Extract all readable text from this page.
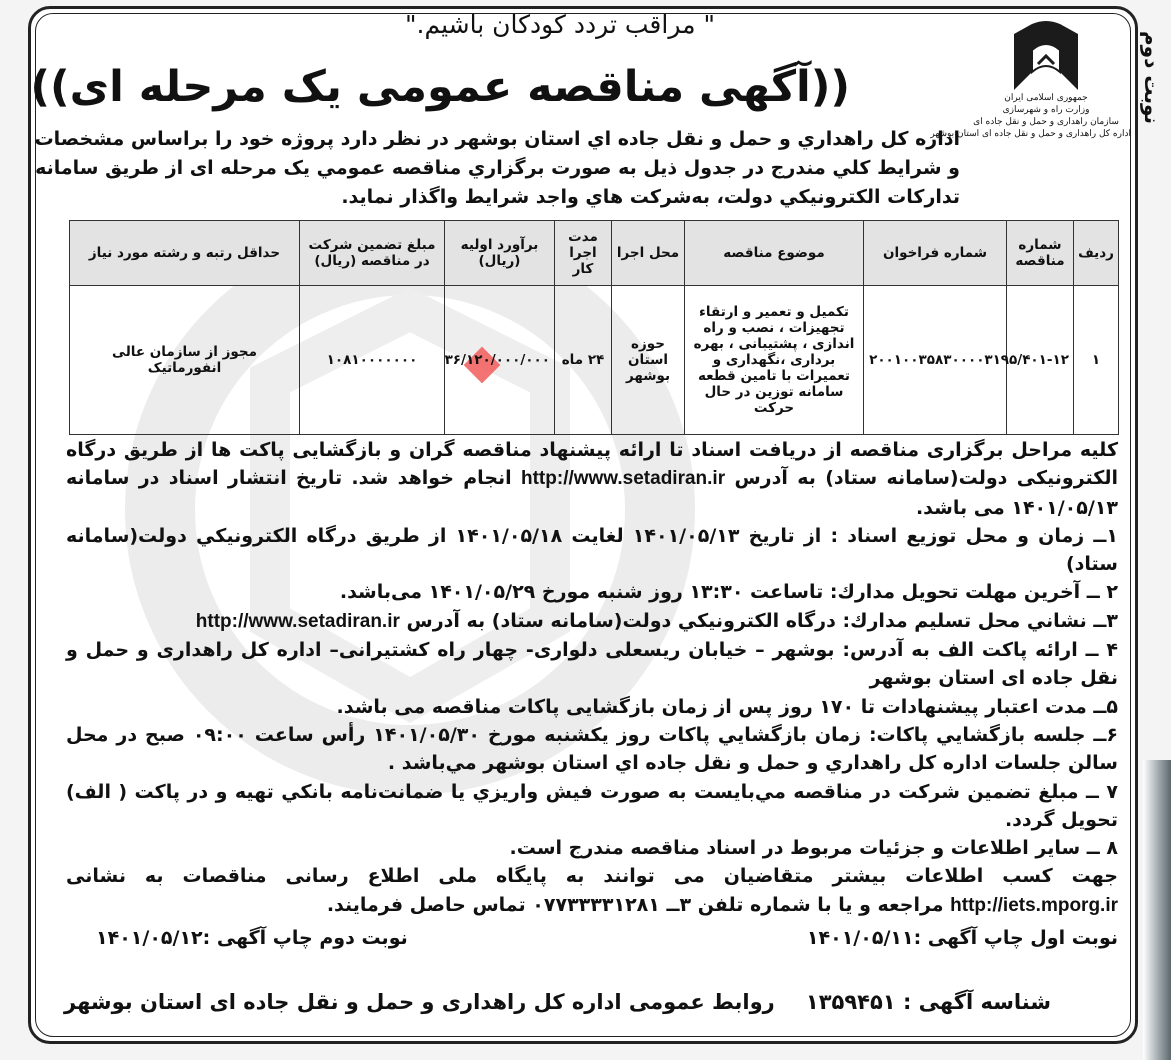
نوبت دوم
جمهوری اسلامی ایران
وزارت راه و شهرسازی
سازمان راهداری و حمل و نقل جاده ای
اداره کل راهداری و حمل و نقل جاده ای استان بوشهر
" مراقب تردد کودکان باشیم."
((آگهی مناقصه عمومی یک مرحله ای))
اداره كل راهداري و حمل و نقل جاده اي استان بوشهر در نظر دارد پروژه خود را براساس مشخصات
و شرايط كلي مندرج در جدول ذيل به صورت برگزاري مناقصه عمومي يک مرحله ای از طريق سامانه
تداركات الكترونيكي دولت، به‌شركت هاي واجد شرايط واگذار نمايد.
رديف	شماره مناقصه	شماره فراخوان	موضوع مناقصه	محل اجرا	مدت اجرا كار	برآورد اوليه (ريال)	مبلغ تضمين شركت در مناقصه (ريال)	حداقل رتبه و رشته مورد نياز
۱	۹۵/۴۰۱-۱۲	۲۰۰۱۰۰۳۵۸۳۰۰۰۰۳۱	تكميل و تعمير و ارتقاء تجهيزات ، نصب و راه اندازی ، پشتیبانی ، بهره برداری ،نگهداری و تعميرات با تامين قطعه سامانه توزين در حال حركت	حوزه استان بوشهر	۲۴ ماه	۳۶/۱۲۰/۰۰۰/۰۰۰	۱۰۸۱۰۰۰۰۰۰۰	مجوز از سازمان عالی انفورماتیک

کلیه مراحل برگزاری مناقصه از دریافت اسناد تا ارائه پیشنهاد مناقصه گران و بازگشایی پاکت ها از طریق درگاه الکترونیکی دولت(سامانه ستاد) به آدرس http://www.setadiran.ir انجام خواهد شد. تاريخ انتشار اسناد در سامانه ۱۴۰۱/۰۵/۱۳ می باشد.

۱ــ زمان و محل توزیع اسناد : از تاريخ ۱۴۰۱/۰۵/۱۳ لغايت ۱۴۰۱/۰۵/۱۸ از طريق درگاه الكترونيكي دولت(سامانه ستاد)

۲ ــ آخرین مهلت تحویل مدارك: تاساعت ۱۳:۳۰ روز شنبه مورخ ۱۴۰۱/۰۵/۲۹ می‌باشد.

۳ــ نشاني محل تسليم مدارك: درگاه الكترونيكي دولت(سامانه ستاد) به آدرس http://www.setadiran.ir

۴ ــ ارائه پاکت الف به آدرس: بوشهر – خیابان ریسعلی دلواری- چهار راه كشتیرانی– اداره كل راهداری و حمل و نقل جاده ای استان بوشهر

۵ــ مدت اعتبار پیشنهادات تا ۱۷۰ روز پس از زمان بازگشایی پاكات مناقصه می باشد.

۶ــ جلسه بازگشايي پاكات: زمان بازگشايي پاكات روز يكشنبه مورخ ۱۴۰۱/۰۵/۳۰ رأس ساعت ۰۹:۰۰ صبح در محل سالن جلسات اداره كل راهداري و حمل و نقل جاده اي استان بوشهر مي‌باشد .

۷ ــ مبلغ تضمين شركت در مناقصه مي‌بايست به صورت فيش واريزي يا ضمانت‌نامه بانكي تهيه و در پاكت ( الف) تحويل گردد.

۸ ــ ساير اطلاعات و جزئيات مربوط در اسناد مناقصه مندرج است.

جهت كسب اطلاعات بيشتر متقاضيان می توانند به پایگاه ملی اطلاع رسانی مناقصات به نشانی http://iets.mporg.ir مراجعه و يا با شماره تلفن ۳ــ ۰۷۷۳۳۳۳۱۲۸۱ تماس حاصل فرمايند.

نوبت اول چاپ آگهی :۱۴۰۱/۰۵/۱۱
نوبت دوم چاپ آگهی :۱۴۰۱/۰۵/۱۲
شناسه آگهی : ۱۳۵۹۴۵۱
روابط عمومی اداره کل راهداری و حمل و نقل جاده ای استان بوشهر
